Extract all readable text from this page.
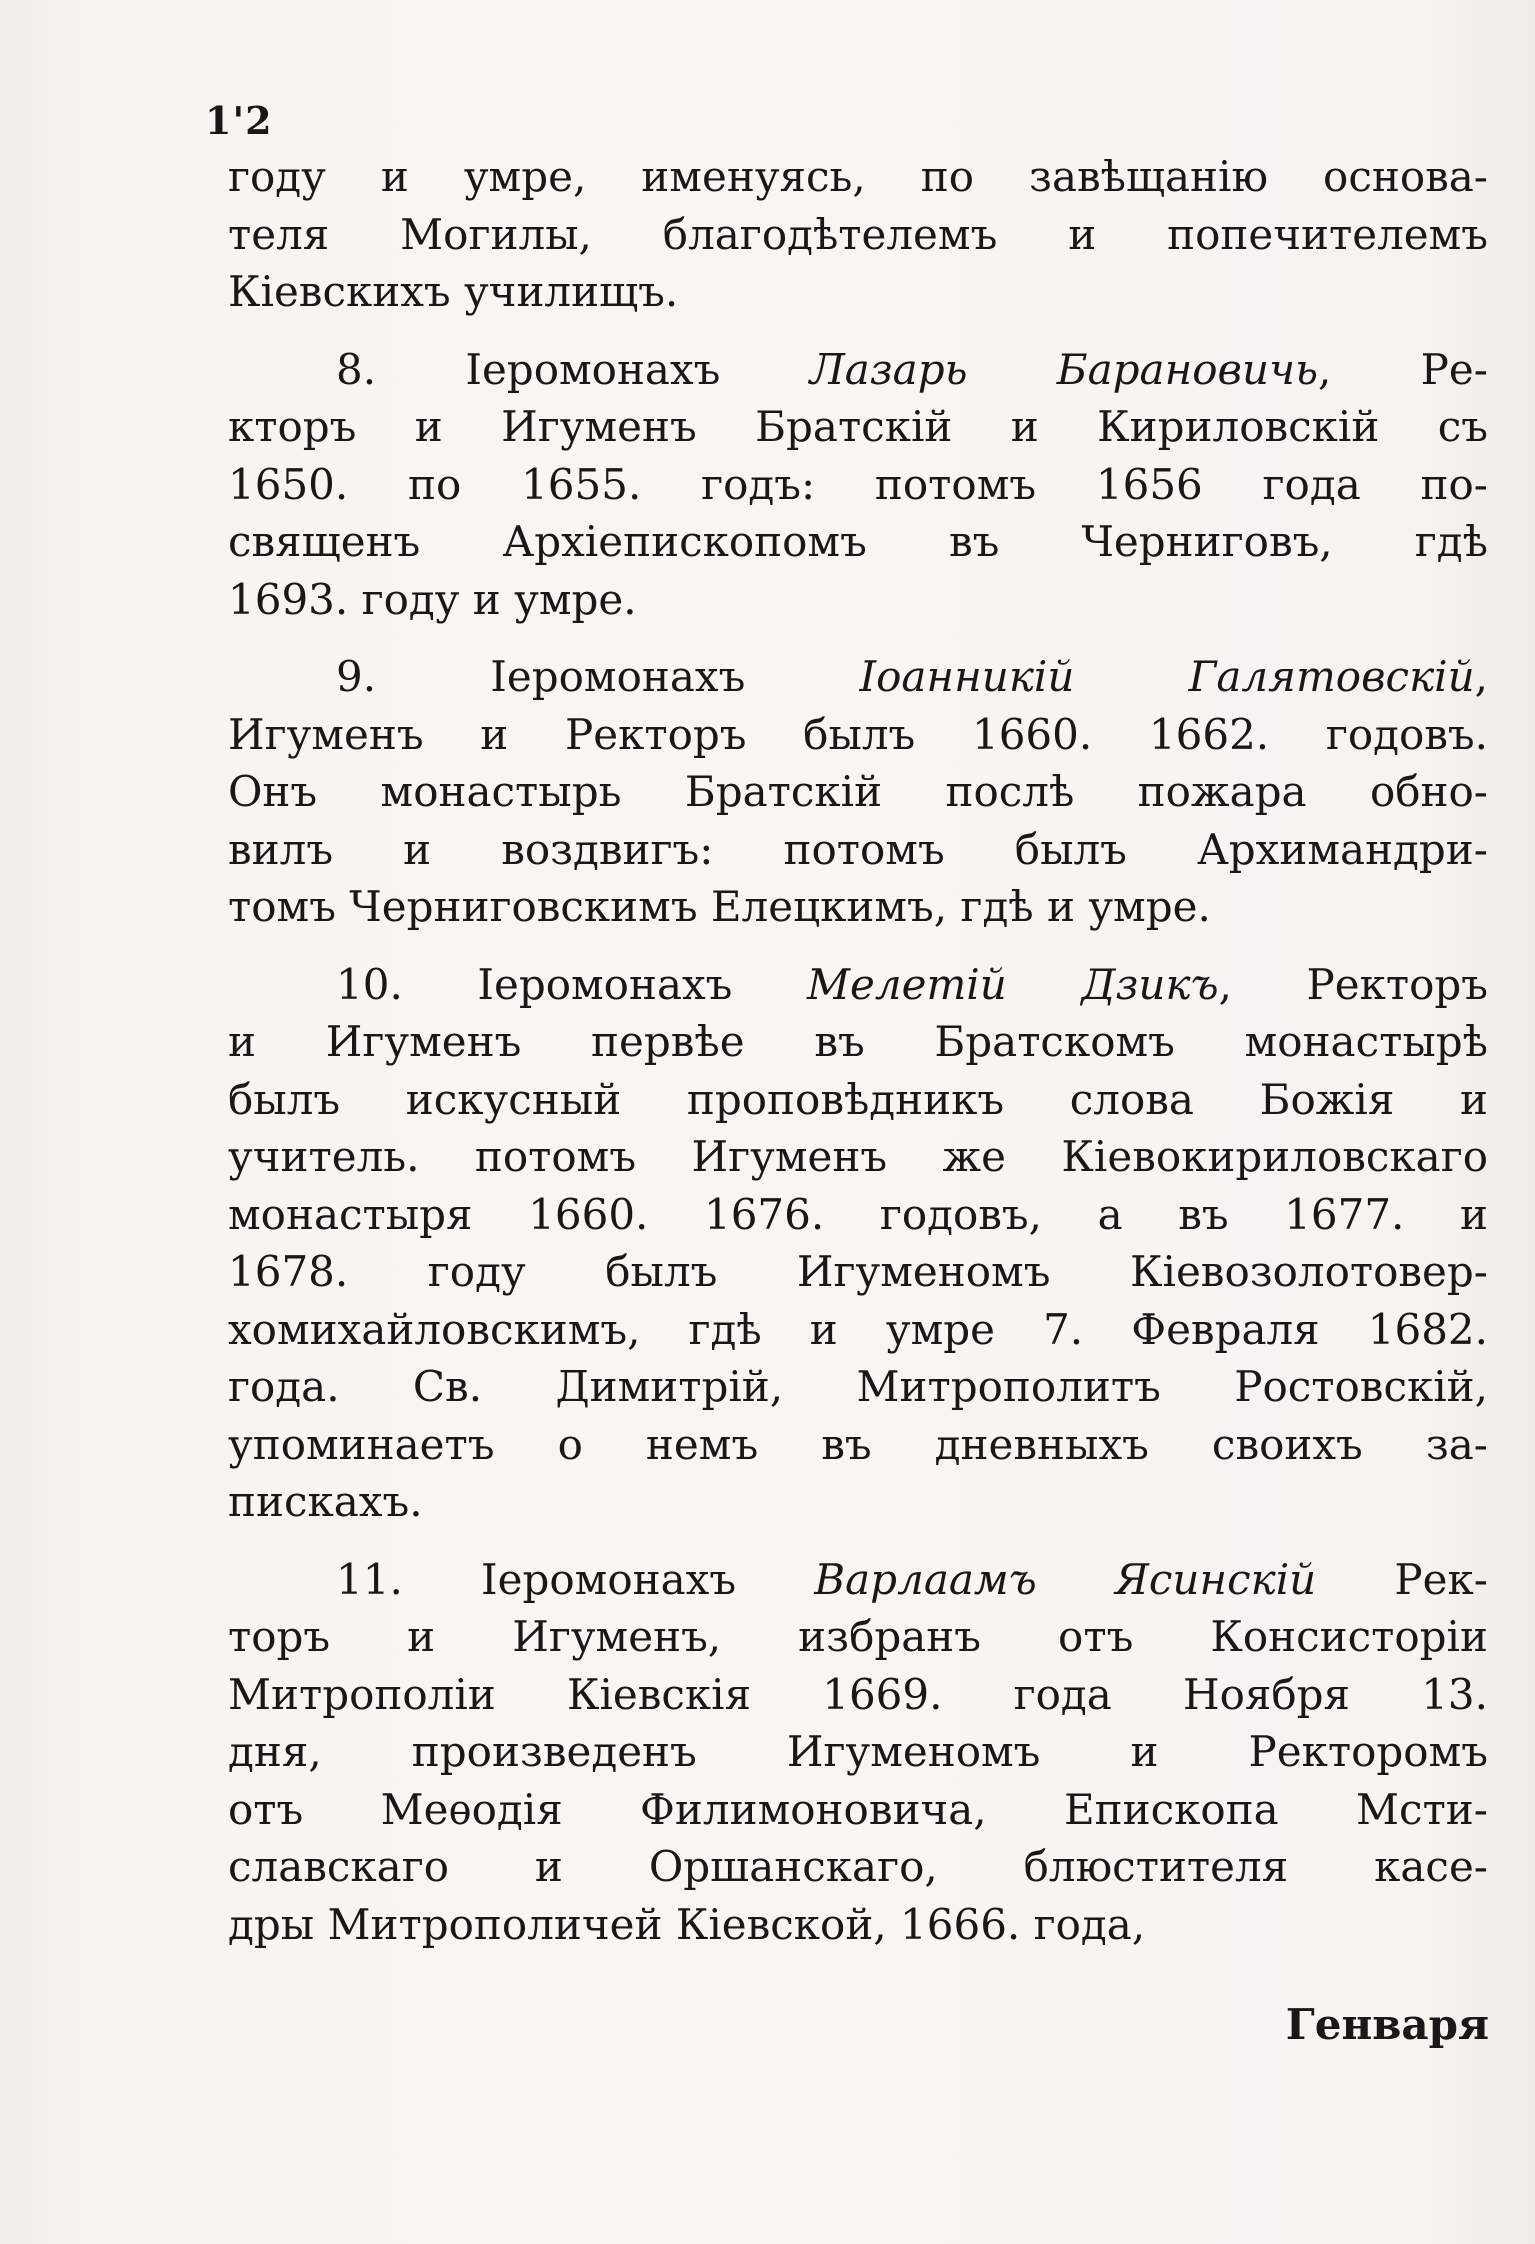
1'2
году и умре, именуясь, по завѣщанію основа-
теля Могилы, благодѣтелемъ и попечителемъ
Кіевскихъ училищъ.
8. Іеромонахъ Лазарь Барановичь, Ре-
кторъ и Игуменъ Братскій и Кириловскій съ
1650. по 1655. годъ: потомъ 1656 года по-
священъ Архіепископомъ въ Черниговъ, гдѣ
1693. году и умре.
9. Іеромонахъ Іоанникій Галятовскій,
Игуменъ и Ректоръ былъ 1660. 1662. годовъ.
Онъ монастырь Братскій послѣ пожара обно-
вилъ и воздвигъ: потомъ былъ Архимандри-
томъ Черниговскимъ Елецкимъ, гдѣ и умре.
10. Іеромонахъ Мелетій Дзикъ, Ректоръ
и Игуменъ первѣе въ Братскомъ монастырѣ
былъ искусный проповѣдникъ слова Божія и
учитель. потомъ Игуменъ же Кіевокириловскаго
монастыря 1660. 1676. годовъ, а въ 1677. и
1678. году былъ Игуменомъ Кіевозолотовер-
хомихайловскимъ, гдѣ и умре 7. Февраля 1682.
года. Св. Димитрій, Митрополитъ Ростовскій,
упоминаетъ о немъ въ дневныхъ своихъ за-
пискахъ.
11. Іеромонахъ Варлаамъ Ясинскій Рек-
торъ и Игуменъ, избранъ отъ Консисторіи
Митрополіи Кіевскія 1669. года Ноября 13.
дня, произведенъ Игуменомъ и Ректоромъ
отъ Меѳодія Филимоновича, Епископа Мсти-
славскаго и Оршанскаго, блюстителя касе-
дры Митрополичей Кіевской, 1666. года,
Генваря
